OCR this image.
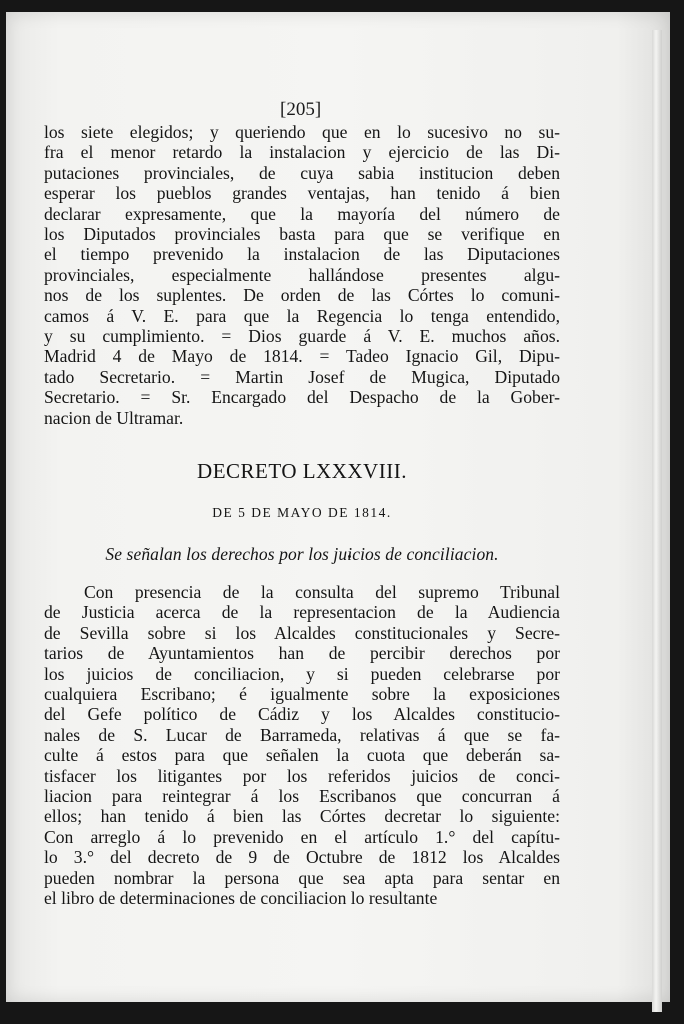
[205]
los siete elegidos; y queriendo que en lo sucesivo no su-
fra el menor retardo la instalacion y ejercicio de las Di-
putaciones provinciales, de cuya sabia institucion deben
esperar los pueblos grandes ventajas, han tenido á bien
declarar expresamente, que la mayoría del número de
los Diputados provinciales basta para que se verifique en
el tiempo prevenido la instalacion de las Diputaciones
provinciales, especialmente hallándose presentes algu-
nos de los suplentes. De orden de las Córtes lo comuni-
camos á V. E. para que la Regencia lo tenga entendido,
y su cumplimiento. = Dios guarde á V. E. muchos años.
Madrid 4 de Mayo de 1814. = Tadeo Ignacio Gil, Dipu-
tado Secretario. = Martin Josef de Mugica, Diputado
Secretario. = Sr. Encargado del Despacho de la Gober-
nacion de Ultramar.
DECRETO LXXXVIII.
DE 5 DE MAYO DE 1814.
Se señalan los derechos por los juicios de conciliacion.
Con presencia de la consulta del supremo Tribunal
de Justicia acerca de la representacion de la Audiencia
de Sevilla sobre si los Alcaldes constitucionales y Secre-
tarios de Ayuntamientos han de percibir derechos por
los juicios de conciliacion, y si pueden celebrarse por
cualquiera Escribano; é igualmente sobre la exposiciones
del Gefe político de Cádiz y los Alcaldes constitucio-
nales de S. Lucar de Barrameda, relativas á que se fa-
culte á estos para que señalen la cuota que deberán sa-
tisfacer los litigantes por los referidos juicios de conci-
liacion para reintegrar á los Escribanos que concurran á
ellos; han tenido á bien las Córtes decretar lo siguiente:
Con arreglo á lo prevenido en el artículo 1.° del capítu-
lo 3.° del decreto de 9 de Octubre de 1812 los Alcaldes
pueden nombrar la persona que sea apta para sentar en
el libro de determinaciones de conciliacion lo resultante
